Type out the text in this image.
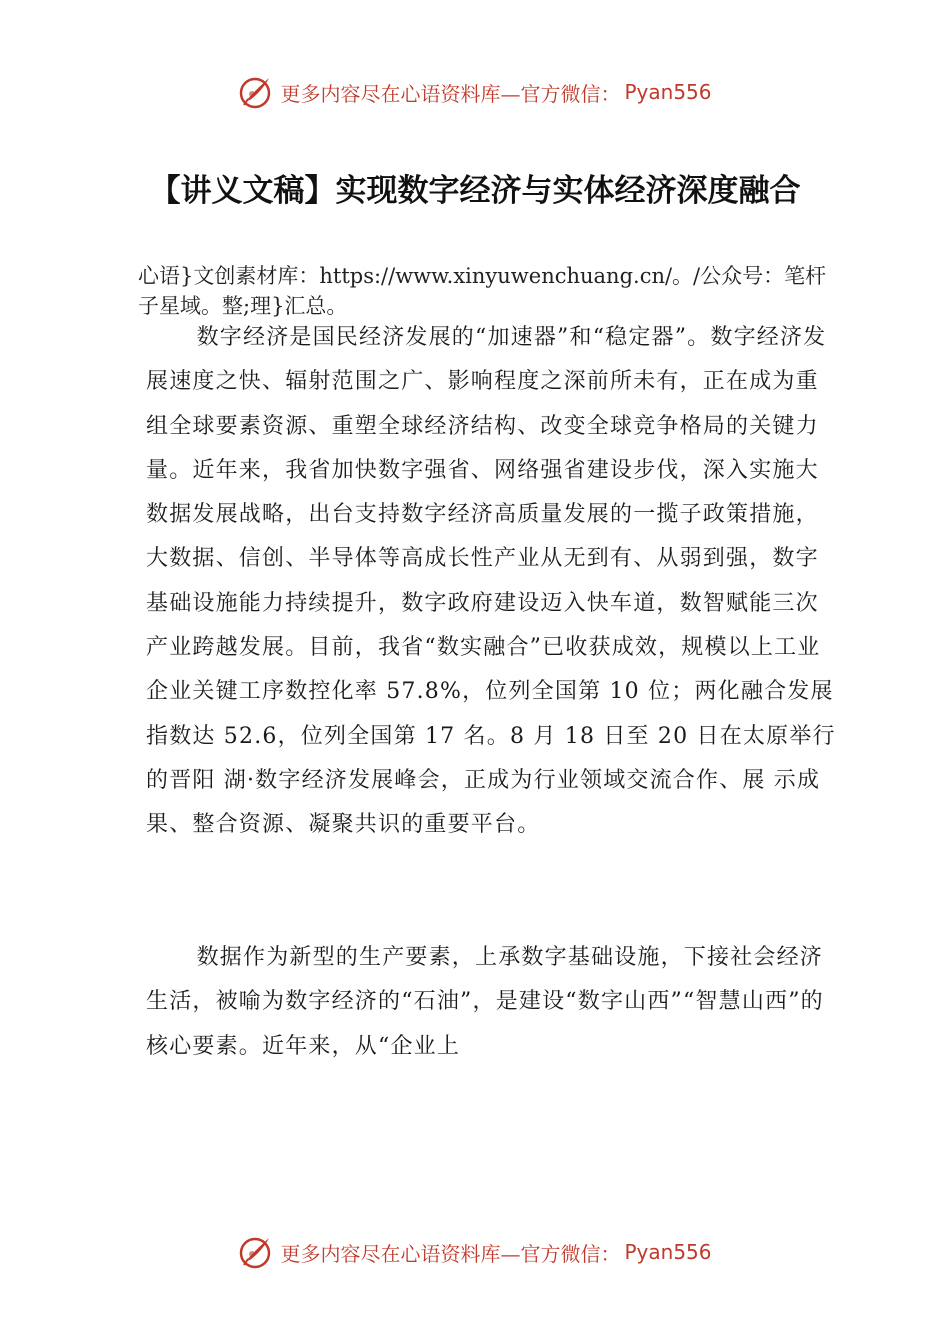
更多内容尽在心语资料库—官方微信： Pyan556
【讲义文稿】实现数字经济与实体经济深度融合
心语}文创素材库：https://www.xinyuwenchuang.cn/。/公众号：笔杆子星域。整;理}汇总。

数字经济是国民经济发展的“加速器”和“稳定器”。数字经济发展速度之快、辐射范围之广、影响程度之深前所未有，正在成为重组全球要素资源、重塑全球经济结构、改变全球竞争格局的关键力量。近年来，我省加快数字强省、网络强省建设步伐，深入实施大数据发展战略，出台支持数字经济高质量发展的一揽子政策措施，大数据、信创、半导体等高成长性产业从无到有、从弱到强，数字基础设施能力持续提升，数字政府建设迈入快车道，数智赋能三次产业跨越发展。目前，我省“数实融合”已收获成效，规模以上工业企业关键工序数控化率 57.8%，位列全国第 10 位；两化融合发展指数达 52.6，位列全国第 17 名。8 月 18 日至 20 日在太原举行的晋阳 湖·数字经济发展峰会，正成为行业领域交流合作、展 示成果、整合资源、凝聚共识的重要平台。

数据作为新型的生产要素，上承数字基础设施，下接社会经济生活，被喻为数字经济的“石油”，是建设“数字山西”“智慧山西”的核心要素。近年来，从“企业上

更多内容尽在心语资料库—官方微信： Pyan556
